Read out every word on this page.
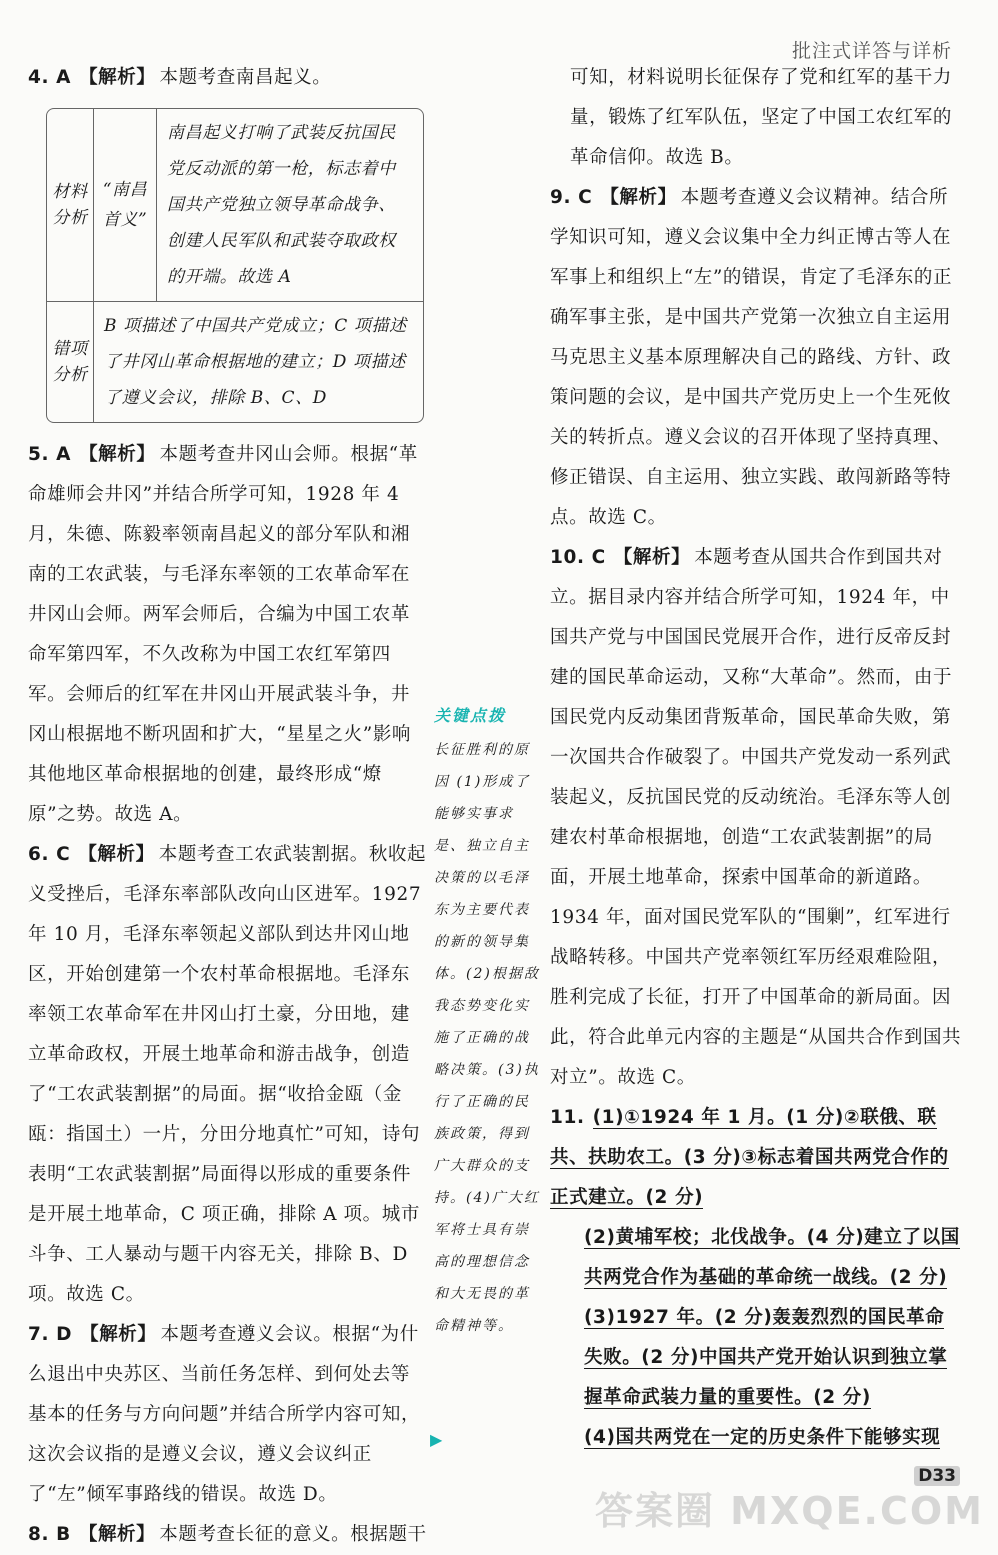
批注式详答与详析

4. A 【解析】 本题考查南昌起义。

材料分析
“南昌首义”
南昌起义打响了武装反抗国民党反动派的第一枪，标志着中国共产党独立领导革命战争、创建人民军队和武装夺取政权的开端。故选 A
错项分析
B 项描述了中国共产党成立；C 项描述了井冈山革命根据地的建立；D 项描述了遵义会议，排除 B、C、D

5. A 【解析】 本题考查井冈山会师。根据“革命雄师会井冈”并结合所学可知，1928 年 4 月，朱德、陈毅率领南昌起义的部分军队和湘南的工农武装，与毛泽东率领的工农革命军在井冈山会师。两军会师后，合编为中国工农革命军第四军，不久改称为中国工农红军第四军。会师后的红军在井冈山开展武装斗争，井冈山根据地不断巩固和扩大，“星星之火”影响其他地区革命根据地的创建，最终形成“燎原”之势。故选 A。

6. C 【解析】 本题考查工农武装割据。秋收起义受挫后，毛泽东率部队改向山区进军。1927 年 10 月，毛泽东率领起义部队到达井冈山地区，开始创建第一个农村革命根据地。毛泽东率领工农革命军在井冈山打土豪，分田地，建立革命政权，开展土地革命和游击战争，创造了“工农武装割据”的局面。据“收拾金瓯（金瓯：指国土）一片，分田分地真忙”可知，诗句表明“工农武装割据”局面得以形成的重要条件是开展土地革命，C 项正确，排除 A 项。城市斗争、工人暴动与题干内容无关，排除 B、D 项。故选 C。

7. D 【解析】 本题考查遵义会议。根据“为什么退出中央苏区、当前任务怎样、到何处去等基本的任务与方向问题”并结合所学内容可知，这次会议指的是遵义会议，遵义会议纠正了“左”倾军事路线的错误。故选 D。

8. B 【解析】 本题考查长征的意义。根据题干

关键点拨
长征胜利的原因 (1)形成了能够实事求是、独立自主决策的以毛泽东为主要代表的新的领导集体。(2)根据敌我态势变化实施了正确的战略决策。(3)执行了正确的民族政策，得到广大群众的支持。(4)广大红军将士具有崇高的理想信念和大无畏的革命精神等。
▶

可知，材料说明长征保存了党和红军的基干力量，锻炼了红军队伍，坚定了中国工农红军的革命信仰。故选 B。

9. C 【解析】 本题考查遵义会议精神。结合所学知识可知，遵义会议集中全力纠正博古等人在军事上和组织上“左”的错误，肯定了毛泽东的正确军事主张，是中国共产党第一次独立自主运用马克思主义基本原理解决自己的路线、方针、政策问题的会议，是中国共产党历史上一个生死攸关的转折点。遵义会议的召开体现了坚持真理、修正错误、自主运用、独立实践、敢闯新路等特点。故选 C。

10. C 【解析】 本题考查从国共合作到国共对立。据目录内容并结合所学可知，1924 年，中国共产党与中国国民党展开合作，进行反帝反封建的国民革命运动，又称“大革命”。然而，由于国民党内反动集团背叛革命，国民革命失败，第一次国共合作破裂了。中国共产党发动一系列武装起义，反抗国民党的反动统治。毛泽东等人创建农村革命根据地，创造“工农武装割据”的局面，开展土地革命，探索中国革命的新道路。1934 年，面对国民党军队的“围剿”，红军进行战略转移。中国共产党率领红军历经艰难险阻，胜利完成了长征，打开了中国革命的新局面。因此，符合此单元内容的主题是“从国共合作到国共对立”。故选 C。

11. (1)①1924 年 1 月。(1 分)②联俄、联共、扶助农工。(3 分)③标志着国共两党合作的正式建立。(2 分)

(2)黄埔军校；北伐战争。(4 分)建立了以国共两党合作为基础的革命统一战线。(2 分)

(3)1927 年。(2 分)轰轰烈烈的国民革命失败。(2 分)中国共产党开始认识到独立掌握革命武装力量的重要性。(2 分)

(4)国共两党在一定的历史条件下能够实现

D33
答案圈 MXQE.COM
